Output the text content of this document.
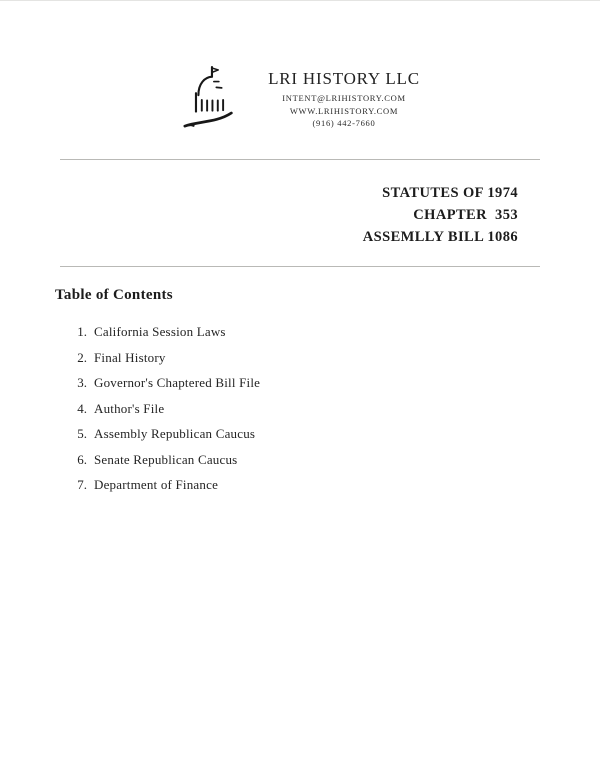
LRI HISTORY LLC
INTENT@LRIHISTORY.COM
WWW.LRIHISTORY.COM
(916) 442-7660
STATUTES OF 1974
CHAPTER  353
ASSEMLLY BILL 1086
Table of Contents
1. California Session Laws
2. Final History
3. Governor's Chaptered Bill File
4. Author's File
5. Assembly Republican Caucus
6. Senate Republican Caucus
7. Department of Finance
